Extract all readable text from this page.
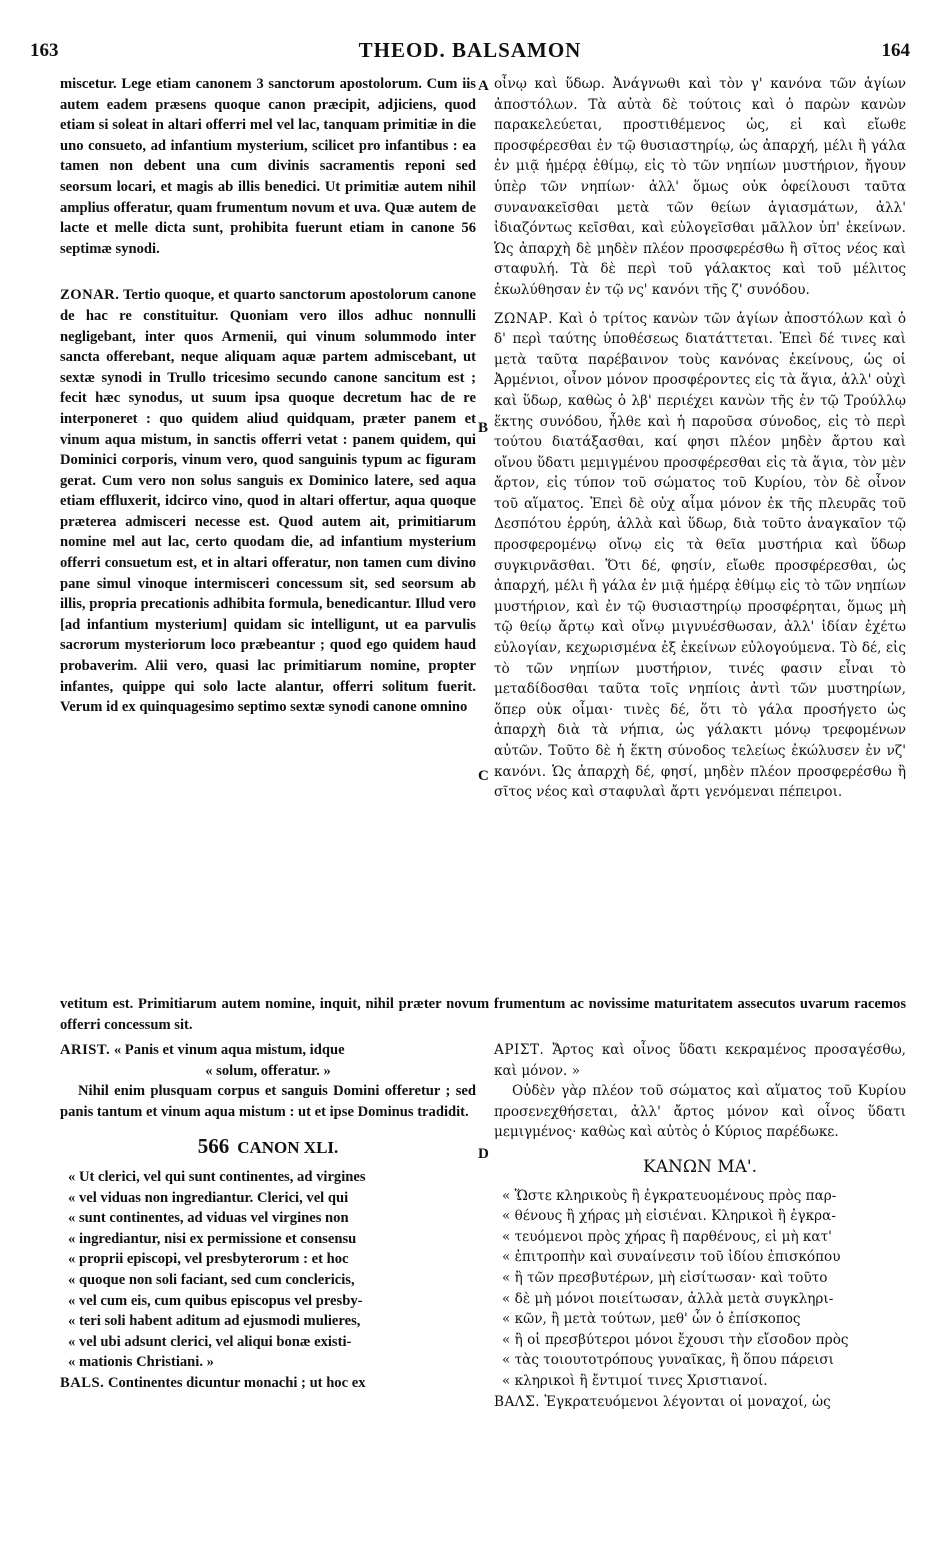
163	THEOD. BALSAMON	164
A
B
C
D

miscetur. Lege etiam canonem 3 sanctorum apostolorum. Cum iis autem eadem præsens quoque canon præcipit, adjiciens, quod etiam si soleat in altari offerri mel vel lac, tanquam primitiæ in die uno consueto, ad infantium mysterium, scilicet pro infantibus : ea tamen non debent una cum divinis sacramentis reponi sed seorsum locari, et magis ab illis benedici. Ut primitiæ autem nihil amplius offeratur, quam frumentum novum et uva. Quæ autem de lacte et melle dicta sunt, prohibita fuerunt etiam in canone 56 septimæ synodi.

ZONAR. Tertio quoque, et quarto sanctorum apostolorum canone de hac re constituitur. Quoniam vero illos adhuc nonnulli negligebant, inter quos Armenii, qui vinum solummodo inter sancta offerebant, neque aliquam aquæ partem admiscebant, ut sextæ synodi in Trullo tricesimo secundo canone sancitum est ; fecit hæc synodus, ut suum ipsa quoque decretum hac de re interponeret : quo quidem aliud quidquam, præter panem et vinum aqua mistum, in sanctis offerri vetat : panem quidem, qui Dominici corporis, vinum vero, quod sanguinis typum ac figuram gerat. Cum vero non solus sanguis ex Dominico latere, sed aqua etiam effluxerit, idcirco vino, quod in altari offertur, aqua quoque præterea admisceri necesse est. Quod autem ait, primitiarum nomine mel aut lac, certo quodam die, ad infantium mysterium offerri consuetum est, et in altari offeratur, non tamen cum divino pane simul vinoque intermisceri concessum sit, sed seorsum ab illis, propria precationis adhibita formula, benedicantur. Illud vero [ad infantium mysterium] quidam sic intelligunt, ut ea parvulis sacrorum mysteriorum loco præbeantur ; quod ego quidem haud probaverim. Alii vero, quasi lac primitiarum nomine, propter infantes, quippe qui solo lacte alantur, offerri solitum fuerit. Verum id ex quinquagesimo septimo sextæ synodi canone omnino

οἶνῳ καὶ ὕδωρ. Ἀνάγνωθι καὶ τὸν γ' κανόνα τῶν ἁγίων ἀποστόλων. Τὰ αὐτὰ δὲ τούτοις καὶ ὁ παρὼν κανὼν παρακελεύεται, προστιθέμενος ὡς, εἰ καὶ εἴωθε προσφέρεσθαι ἐν τῷ θυσιαστηρίῳ, ὡς ἀπαρχή, μέλι ἢ γάλα ἐν μιᾷ ἡμέρᾳ ἐθίμῳ, εἰς τὸ τῶν νηπίων μυστήριον, ἤγουν ὑπὲρ τῶν νηπίων· ἀλλ' ὅμως οὐκ ὀφείλουσι ταῦτα συνανακεῖσθαι μετὰ τῶν θείων ἁγιασμάτων, ἀλλ' ἰδιαζόντως κεῖσθαι, καὶ εὐλογεῖσθαι μᾶλλον ὑπ' ἐκείνων. Ὡς ἀπαρχὴ δὲ μηδὲν πλέον προσφερέσθω ἢ σῖτος νέος καὶ σταφυλή. Τὰ δὲ περὶ τοῦ γάλακτος καὶ τοῦ μέλιτος ἐκωλύθησαν ἐν τῷ νς' κανόνι τῆς ζ' συνόδου.

ΖΩΝΑΡ. Καὶ ὁ τρίτος κανὼν τῶν ἁγίων ἀποστόλων καὶ ὁ δ' περὶ ταύτης ὑποθέσεως διατάττεται. Ἐπεὶ δέ τινες καὶ μετὰ ταῦτα παρέβαινον τοὺς κανόνας ἐκείνους, ὡς οἱ Ἀρμένιοι, οἶνον μόνον προσφέροντες εἰς τὰ ἅγια, ἀλλ' οὐχὶ καὶ ὕδωρ, καθὼς ὁ λβ' περιέχει κανὼν τῆς ἐν τῷ Τρούλλῳ ἕκτης συνόδου, ἦλθε καὶ ἡ παροῦσα σύνοδος, εἰς τὸ περὶ τούτου διατάξασθαι, καί φησι πλέον μηδὲν ἄρτου καὶ οἴνου ὕδατι μεμιγμένου προσφέρεσθαι εἰς τὰ ἅγια, τὸν μὲν ἄρτον, εἰς τύπον τοῦ σώματος τοῦ Κυρίου, τὸν δὲ οἶνον τοῦ αἵματος. Ἐπεὶ δὲ οὐχ αἷμα μόνον ἐκ τῆς πλευρᾶς τοῦ Δεσπότου ἐρρύη, ἀλλὰ καὶ ὕδωρ, διὰ τοῦτο ἀναγκαῖον τῷ προσφερομένῳ οἴνῳ εἰς τὰ θεῖα μυστήρια καὶ ὕδωρ συγκιρνᾶσθαι. Ὅτι δέ, φησίν, εἴωθε προσφέρεσθαι, ὡς ἀπαρχή, μέλι ἢ γάλα ἐν μιᾷ ἡμέρᾳ ἐθίμῳ εἰς τὸ τῶν νηπίων μυστήριον, καὶ ἐν τῷ θυσιαστηρίῳ προσφέρηται, ὅμως μὴ τῷ θείῳ ἄρτῳ καὶ οἴνῳ μιγνυέσθωσαν, ἀλλ' ἰδίαν ἐχέτω εὐλογίαν, κεχωρισμένα ἐξ ἐκείνων εὐλογούμενα. Τὸ δέ, εἰς τὸ τῶν νηπίων μυστήριον, τινές φασιν εἶναι τὸ μεταδίδοσθαι ταῦτα τοῖς νηπίοις ἀντὶ τῶν μυστηρίων, ὅπερ οὐκ οἶμαι· τινὲς δέ, ὅτι τὸ γάλα προσήγετο ὡς ἀπαρχὴ διὰ τὰ νήπια, ὡς γάλακτι μόνῳ τρεφομένων αὐτῶν. Τοῦτο δὲ ἡ ἕκτη σύνοδος τελείως ἐκώλυσεν ἐν νζ' κανόνι. Ὡς ἀπαρχὴ δέ, φησί, μηδὲν πλέον προσφερέσθω ἢ σῖτος νέος καὶ σταφυλαὶ ἄρτι γενόμεναι πέπειροι.

vetitum est. Primitiarum autem nomine, inquit, nihil præter novum frumentum ac novissime maturitatem assecutos uvarum racemos offerri concessum sit.

ARIST. « Panis et vinum aqua mistum, idque

« solum, offeratur. »

Nihil enim plusquam corpus et sanguis Domini offeretur ; sed panis tantum et vinum aqua mistum : ut et ipse Dominus tradidit.

566 CANON XLI.

« Ut clerici, vel qui sunt continentes, ad virgines

« vel viduas non ingrediantur. Clerici, vel qui

« sunt continentes, ad viduas vel virgines non

« ingrediantur, nisi ex permissione et consensu

« proprii episcopi, vel presbyterorum : et hoc

« quoque non soli faciant, sed cum conclericis,

« vel cum eis, cum quibus episcopus vel presby-

« teri soli habent aditum ad ejusmodi mulieres,

« vel ubi adsunt clerici, vel aliqui bonæ existi-

« mationis Christiani. »

BALS. Continentes dicuntur monachi ; ut hoc ex

ΑΡΙΣΤ. Ἄρτος καὶ οἶνος ὕδατι κεκραμένος προσαγέσθω, καὶ μόνον. »

Οὐδὲν γὰρ πλέον τοῦ σώματος καὶ αἵματος τοῦ Κυρίου προσενεχθήσεται, ἀλλ' ἄρτος μόνον καὶ οἶνος ὕδατι μεμιγμένος· καθὼς καὶ αὐτὸς ὁ Κύριος παρέδωκε.

ΚΑΝΩΝ ΜΑ'.

« Ὥστε κληρικοὺς ἢ ἐγκρατευομένους πρὸς παρ-

« θένους ἢ χήρας μὴ εἰσιέναι. Κληρικοὶ ἢ ἐγκρα-

« τευόμενοι πρὸς χήρας ἢ παρθένους, εἰ μὴ κατ'

« ἐπιτροπὴν καὶ συναίνεσιν τοῦ ἰδίου ἐπισκόπου

« ἢ τῶν πρεσβυτέρων, μὴ εἰσίτωσαν· καὶ τοῦτο

« δὲ μὴ μόνοι ποιείτωσαν, ἀλλὰ μετὰ συγκληρι-

« κῶν, ἢ μετὰ τούτων, μεθ' ὧν ὁ ἐπίσκοπος

« ἢ οἱ πρεσβύτεροι μόνοι ἔχουσι τὴν εἴσοδον πρὸς

« τὰς τοιουτοτρόπους γυναῖκας, ἢ ὅπου πάρεισι

« κληρικοὶ ἢ ἔντιμοί τινες Χριστιανοί.

ΒΑΛΣ. Ἐγκρατευόμενοι λέγονται οἱ μοναχοί, ὡς
